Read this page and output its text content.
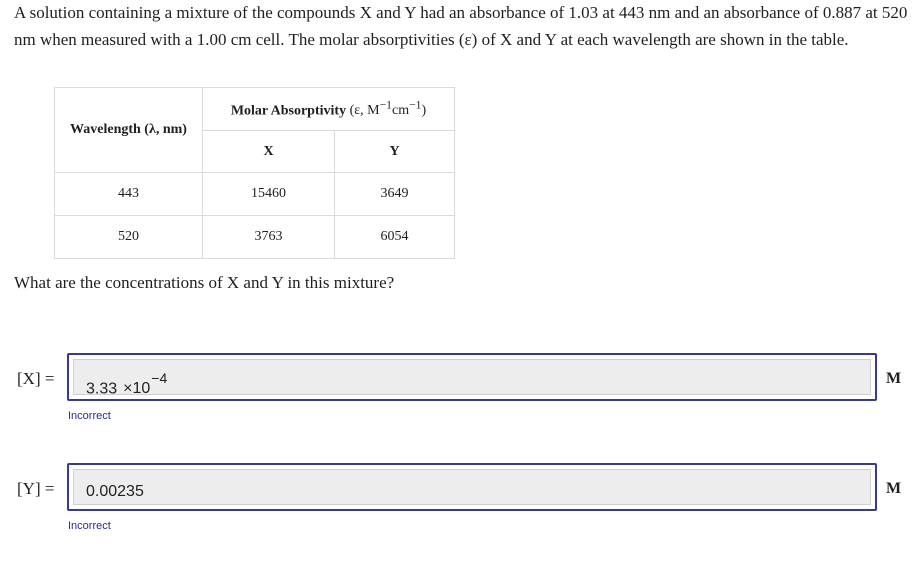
A solution containing a mixture of the compounds X and Y had an absorbance of 1.03 at 443 nm and an absorbance of 0.887 at 520 nm when measured with a 1.00 cm cell. The molar absorptivities (ε) of X and Y at each wavelength are shown in the table.
Wavelength (λ, nm)	Molar Absorptivity (ε, $M^{-1}cm^{-1}$)	
	X	Y
443	15460	3649
520	3763	6054
What are the concentrations of X and Y in this mixture?
[X] =
$3.33 \times 10^{-4}$	M
Incorrect
[Y] = 0.00235	M
Incorrect
